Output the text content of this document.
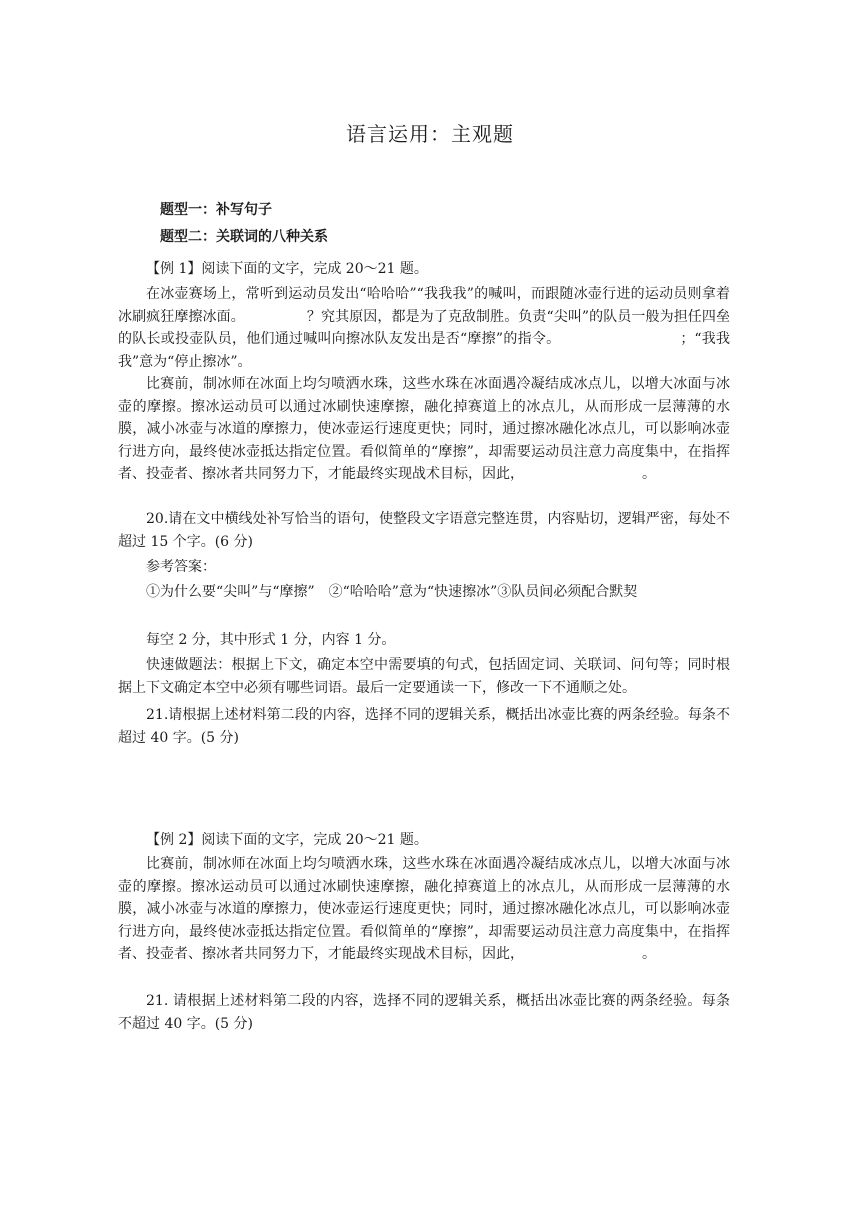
语言运用：主观题
题型一：补写句子
题型二：关联词的八种关系
【例 1】阅读下面的文字，完成 20～21 题。
在冰壶赛场上，常听到运动员发出“哈哈哈”“我我我”的喊叫，而跟随冰壶行进的运动员则拿着冰刷疯狂摩擦冰面。	？究其原因，都是为了克敌制胜。负责“尖叫”的队员一般为担任四垒的队长或投壶队员，他们通过喊叫向擦冰队友发出是否“摩擦”的指令。	；“我我我”意为“停止擦冰”。
比赛前，制冰师在冰面上均匀喷洒水珠，这些水珠在冰面遇冷凝结成冰点儿，以增大冰面与冰壶的摩擦。擦冰运动员可以通过冰刷快速摩擦，融化掉赛道上的冰点儿，从而形成一层薄薄的水膜，减小冰壶与冰道的摩擦力，使冰壶运行速度更快；同时，通过擦冰融化冰点儿，可以影响冰壶行进方向，最终使冰壶抵达指定位置。看似简单的“摩擦”，却需要运动员注意力高度集中，在指挥者、投壶者、擦冰者共同努力下，才能最终实现战术目标，因此，	。
20.请在文中横线处补写恰当的语句，使整段文字语意完整连贯，内容贴切，逻辑严密，每处不超过 15 个字。(6 分)
参考答案：
①为什么要“尖叫”与“摩擦”　②“哈哈哈”意为“快速擦冰”③队员间必须配合默契
每空 2 分，其中形式 1 分，内容 1 分。
快速做题法：根据上下文，确定本空中需要填的句式，包括固定词、关联词、问句等；同时根据上下文确定本空中必须有哪些词语。最后一定要通读一下，修改一下不通顺之处。
21.请根据上述材料第二段的内容，选择不同的逻辑关系，概括出冰壶比赛的两条经验。每条不超过 40 字。(5 分)
【例 2】阅读下面的文字，完成 20～21 题。
比赛前，制冰师在冰面上均匀喷洒水珠，这些水珠在冰面遇冷凝结成冰点儿，以增大冰面与冰壶的摩擦。擦冰运动员可以通过冰刷快速摩擦，融化掉赛道上的冰点儿，从而形成一层薄薄的水膜，减小冰壶与冰道的摩擦力，使冰壶运行速度更快；同时，通过擦冰融化冰点儿，可以影响冰壶行进方向，最终使冰壶抵达指定位置。看似简单的“摩擦”，却需要运动员注意力高度集中，在指挥者、投壶者、擦冰者共同努力下，才能最终实现战术目标，因此，	。
21. 请根据上述材料第二段的内容，选择不同的逻辑关系，概括出冰壶比赛的两条经验。每条不超过 40 字。(5 分)
